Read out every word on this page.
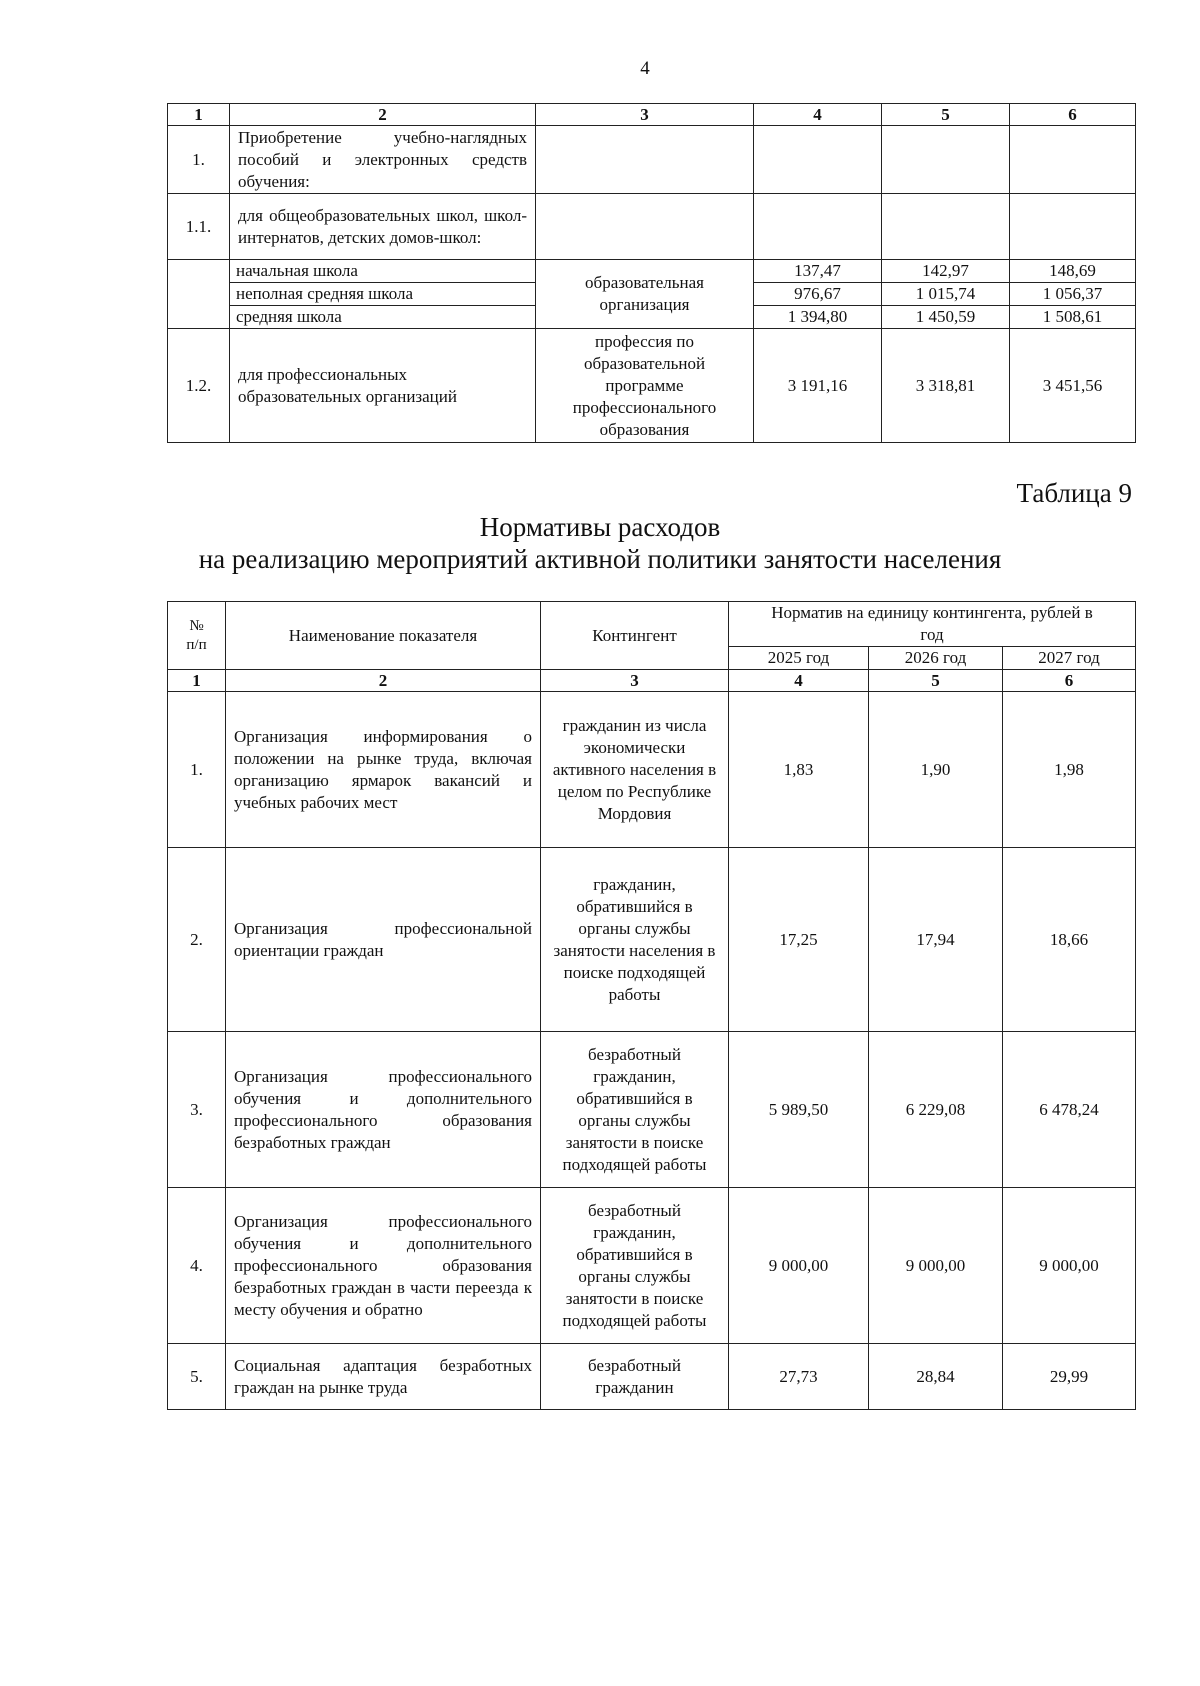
4
1	2	3	4	5	6
1.	Приобретение учебно-наглядных пособий и электронных средств обучения:				
1.1.	для общеобразовательных школ, школ-интернатов, детских домов-школ:				
	начальная школа	образовательная организация	137,47	142,97	148,69
	неполная средняя школа		976,67	1 015,74	1 056,37
	средняя школа		1 394,80	1 450,59	1 508,61
1.2.	для профессиональных образовательных организаций	профессия по образовательной программе профессионального образования	3 191,16	3 318,81	3 451,56
Таблица 9
Нормативы расходов
на реализацию мероприятий активной политики занятости населения
№ п/п	Наименование показателя	Контингент	Норматив на единицу контингента, рублей в год		
			2025 год	2026 год	2027 год
1	2	3	4	5	6
1.	Организация информирования о положении на рынке труда, включая организацию ярмарок вакансий и учебных рабочих мест	гражданин из числа экономически активного населения в целом по Республике Мордовия	1,83	1,90	1,98
2.	Организация профессиональной ориентации граждан	гражданин, обратившийся в органы службы занятости населения в поиске подходящей работы	17,25	17,94	18,66
3.	Организация профессионального обучения и дополнительного профессионального образования безработных граждан	безработный гражданин, обратившийся в органы службы занятости в поиске подходящей работы	5 989,50	6 229,08	6 478,24
4.	Организация профессионального обучения и дополнительного профессионального образования безработных граждан в части переезда к месту обучения и обратно	безработный гражданин, обратившийся в органы службы занятости в поиске подходящей работы	9 000,00	9 000,00	9 000,00
5.	Социальная адаптация безработных граждан на рынке труда	безработный гражданин	27,73	28,84	29,99
